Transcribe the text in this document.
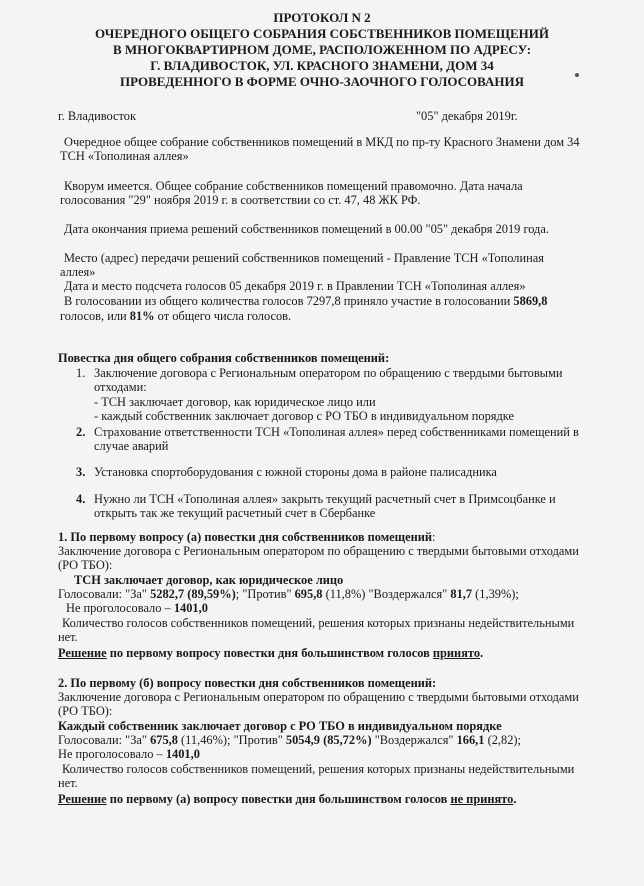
ПРОТОКОЛ N 2
ОЧЕРЕДНОГО ОБЩЕГО СОБРАНИЯ СОБСТВЕННИКОВ ПОМЕЩЕНИЙ
В МНОГОКВАРТИРНОМ ДОМЕ, РАСПОЛОЖЕННОМ ПО АДРЕСУ:
Г. ВЛАДИВОСТОК, УЛ. КРАСНОГО ЗНАМЕНИ, ДОМ 34
ПРОВЕДЕННОГО В ФОРМЕ ОЧНО-ЗАОЧНОГО ГОЛОСОВАНИЯ
г. Владивосток	"05" декабря 2019г.
Очередное общее собрание собственников помещений в МКД по пр-ту Красного Знамени дом 34
ТСН «Тополиная аллея»
Кворум имеется. Общее собрание собственников помещений правомочно. Дата начала
голосования "29" ноября 2019 г. в соответствии со ст. 47, 48 ЖК РФ.
Дата окончания приема решений собственников помещений в 00.00 "05" декабря 2019 года.
Место (адрес) передачи решений собственников помещений - Правление ТСН «Тополиная
аллея»
Дата и место подсчета голосов 05 декабря 2019 г. в Правлении ТСН «Тополиная аллея»
В голосовании из общего количества голосов 7297,8 приняло участие в голосовании 5869,8
голосов, или 81% от общего числа голосов.
Повестка дня общего собрания собственников помещений:
1. Заключение договора с Региональным оператором по обращению с твердыми бытовыми
отходами:
- ТСН заключает договор, как юридическое лицо или
- каждый собственник заключает договор с РО ТБО в индивидуальном порядке
2. Страхование ответственности ТСН «Тополиная аллея» перед собственниками помещений в
случае аварий
3. Установка спортоборудования с южной стороны дома в районе палисадника
4. Нужно ли ТСН «Тополиная аллея» закрыть текущий расчетный счет в Примсоцбанке и
открыть так же текущий расчетный счет в Сбербанке
1. По первому вопросу (а) повестки дня собственников помещений:
Заключение договора с Региональным оператором по обращению с твердыми бытовыми отходами
(РО ТБО):
ТСН заключает договор, как юридическое лицо
Голосовали: "За" 5282,7 (89,59%); "Против" 695,8 (11,8%) "Воздержался" 81,7 (1,39%);
Не проголосовало – 1401,0
Количество голосов собственников помещений, решения которых признаны недействительными
нет.
Решение по первому вопросу повестки дня большинством голосов принято.
2. По первому (б) вопросу повестки дня собственников помещений:
Заключение договора с Региональным оператором по обращению с твердыми бытовыми отходами
(РО ТБО):
Каждый собственник заключает договор с РО ТБО в индивидуальном порядке
Голосовали: "За" 675,8 (11,46%); "Против" 5054,9 (85,72%) "Воздержался" 166,1 (2,82);
Не проголосовало – 1401,0
Количество голосов собственников помещений, решения которых признаны недействительными
нет.
Решение по первому (а) вопросу повестки дня большинством голосов не принято.
